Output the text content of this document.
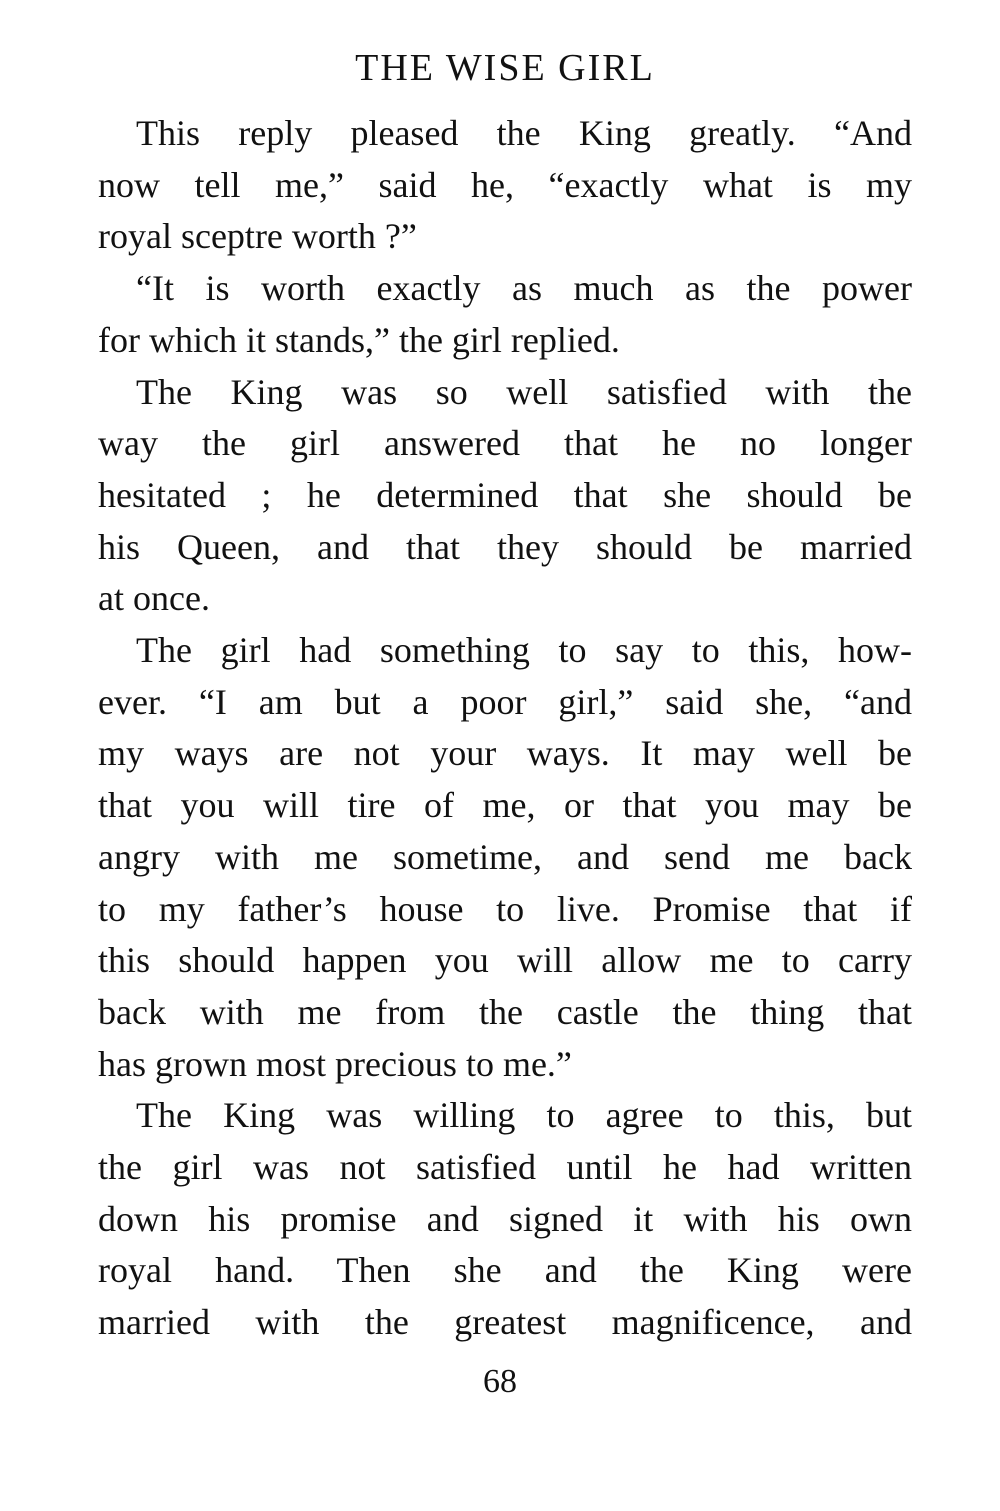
THE WISE GIRL
This reply pleased the King greatly. “And
now tell me,” said he, “exactly what is my
royal sceptre worth ?”
“It is worth exactly as much as the power
for which it stands,” the girl replied.
The King was so well satisfied with the
way the girl answered that he no longer
hesitated ; he determined that she should be
his Queen, and that they should be married
at once.
The girl had something to say to this, how-
ever. “I am but a poor girl,” said she, “and
my ways are not your ways. It may well be
that you will tire of me, or that you may be
angry with me sometime, and send me back
to my father’s house to live. Promise that if
this should happen you will allow me to carry
back with me from the castle the thing that
has grown most precious to me.”
The King was willing to agree to this, but
the girl was not satisfied until he had written
down his promise and signed it with his own
royal hand. Then she and the King were
married with the greatest magnificence, and
68
